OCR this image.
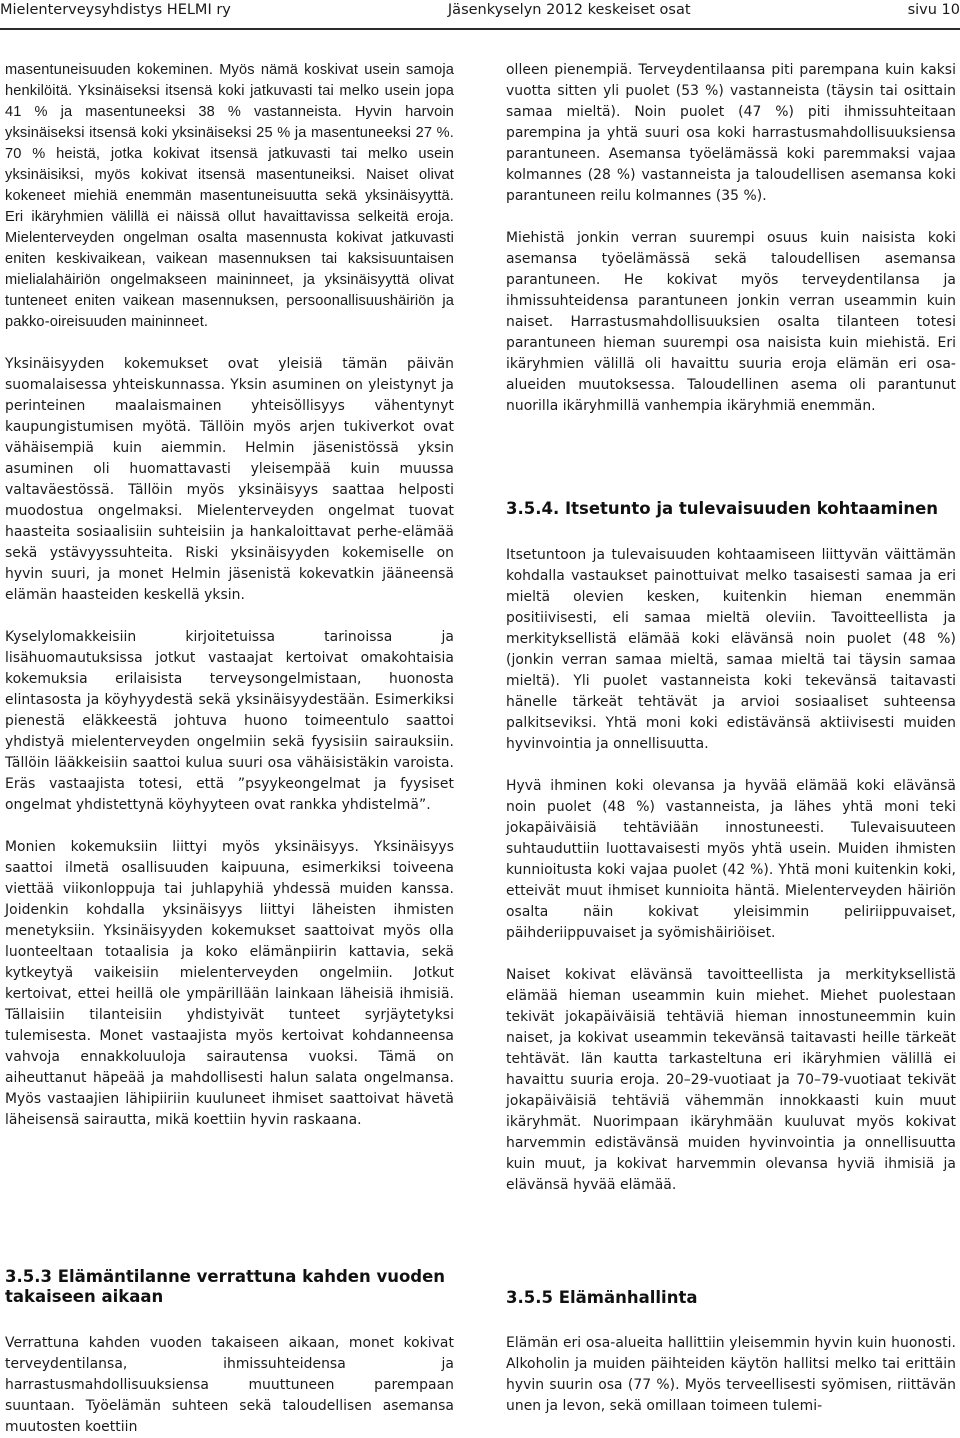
Mielenterveysyhdistys HELMI ry	Jäsenkyselyn 2012 keskeiset osat	sivu 10

masentuneisuuden kokeminen. Myös nämä koskivat usein samoja henkilöitä. Yksinäiseksi itsensä koki jatkuvasti tai melko usein jopa 41 % ja masentuneeksi 38 % vastanneista. Hyvin harvoin yksinäiseksi itsensä koki yksinäiseksi 25 % ja masentuneeksi 27 %. 70 % heistä, jotka kokivat itsensä jatkuvasti tai melko usein yksinäisiksi, myös kokivat itsensä masentuneiksi. Naiset olivat kokeneet miehiä enemmän masentuneisuutta sekä yksinäisyyttä. Eri ikäryhmien välillä ei näissä ollut havaittavissa selkeitä eroja. Mielenterveyden ongelman osalta masennusta kokivat jatkuvasti eniten keskivaikean, vaikean masennuksen tai kaksisuuntaisen mielialahäiriön ongelmakseen maininneet, ja yksinäisyyttä olivat tunteneet eniten vaikean masennuksen, persoonallisuushäiriön ja pakko-oireisuuden maininneet.

Yksinäisyyden kokemukset ovat yleisiä tämän päivän suomalaisessa yhteiskunnassa. Yksin asuminen on yleistynyt ja perinteinen maalaismainen yhteisöllisyys vähentynyt kaupungistumisen myötä. Tällöin myös arjen tukiverkot ovat vähäisempiä kuin aiemmin. Helmin jäsenistössä yksin asuminen oli huomattavasti yleisempää kuin muussa valtaväestössä. Tällöin myös yksinäisyys saattaa helposti muodostua ongelmaksi. Mielenterveyden ongelmat tuovat haasteita sosiaalisiin suhteisiin ja hankaloittavat perhe-elämää sekä ystävyyssuhteita. Riski yksinäisyyden kokemiselle on hyvin suuri, ja monet Helmin jäsenistä kokevatkin jääneensä elämän haasteiden keskellä yksin.

Kyselylomakkeisiin kirjoitetuissa tarinoissa ja lisähuomautuksissa jotkut vastaajat kertoivat omakohtaisia kokemuksia erilaisista terveysongelmistaan, huonosta elintasosta ja köyhyydestä sekä yksinäisyydestään. Esimerkiksi pienestä eläkkeestä johtuva huono toimeentulo saattoi yhdistyä mielenterveyden ongelmiin sekä fyysisiin sairauksiin. Tällöin lääkkeisiin saattoi kulua suuri osa vähäisistäkin varoista. Eräs vastaajista totesi, että ”psyykeongelmat ja fyysiset ongelmat yhdistettynä köyhyyteen ovat rankka yhdistelmä”.

Monien kokemuksiin liittyi myös yksinäisyys. Yksinäisyys saattoi ilmetä osallisuuden kaipuuna, esimerkiksi toiveena viettää viikonloppuja tai juhlapyhiä yhdessä muiden kanssa. Joidenkin kohdalla yksinäisyys liittyi läheisten ihmisten menetyksiin. Yksinäisyyden kokemukset saattoivat myös olla luonteeltaan totaalisia ja koko elämänpiirin kattavia, sekä kytkeytyä vaikeisiin mielenterveyden ongelmiin. Jotkut kertoivat, ettei heillä ole ympärillään lainkaan läheisiä ihmisiä. Tällaisiin tilanteisiin yhdistyivät tunteet syrjäytetyksi tulemisesta. Monet vastaajista myös kertoivat kohdanneensa vahvoja ennakkoluuloja sairautensa vuoksi. Tämä on aiheuttanut häpeää ja mahdollisesti halun salata ongelmansa. Myös vastaajien lähipiiriin kuuluneet ihmiset saattoivat hävetä läheisensä sairautta, mikä koettiin hyvin raskaana.

3.5.3 Elämäntilanne verrattuna kahden vuoden takaiseen aikaan

Verrattuna kahden vuoden takaiseen aikaan, monet kokivat terveydentilansa, ihmissuhteidensa ja harrastusmahdollisuuksiensa muuttuneen parempaan suuntaan. Työelämän suhteen sekä taloudellisen asemansa muutosten koettiin

olleen pienempiä. Terveydentilaansa piti parempana kuin kaksi vuotta sitten yli puolet (53 %) vastanneista (täysin tai osittain samaa mieltä). Noin puolet (47 %) piti ihmissuhteitaan parempina ja yhtä suuri osa koki harrastusmahdollisuuksiensa parantuneen. Asemansa työelämässä koki paremmaksi vajaa kolmannes (28 %) vastanneista ja taloudellisen asemansa koki parantuneen reilu kolmannes (35 %).

Miehistä jonkin verran suurempi osuus kuin naisista koki asemansa työelämässä sekä taloudellisen asemansa parantuneen. He kokivat myös terveydentilansa ja ihmissuhteidensa parantuneen jonkin verran useammin kuin naiset. Harrastusmahdollisuuksien osalta tilanteen totesi parantuneen hieman suurempi osa naisista kuin miehistä. Eri ikäryhmien välillä oli havaittu suuria eroja elämän eri osa-alueiden muutoksessa. Taloudellinen asema oli parantunut nuorilla ikäryhmillä vanhempia ikäryhmiä enemmän.

3.5.4. Itsetunto ja tulevaisuuden kohtaaminen

Itsetuntoon ja tulevaisuuden kohtaamiseen liittyvän väittämän kohdalla vastaukset painottuivat melko tasaisesti samaa ja eri mieltä olevien kesken, kuitenkin hieman enemmän positiivisesti, eli samaa mieltä oleviin. Tavoitteellista ja merkityksellistä elämää koki elävänsä noin puolet (48 %) (jonkin verran samaa mieltä, samaa mieltä tai täysin samaa mieltä). Yli puolet vastanneista koki tekevänsä taitavasti hänelle tärkeät tehtävät ja arvioi sosiaaliset suhteensa palkitseviksi. Yhtä moni koki edistävänsä aktiivisesti muiden hyvinvointia ja onnellisuutta.

Hyvä ihminen koki olevansa ja hyvää elämää koki elävänsä noin puolet (48 %) vastanneista, ja lähes yhtä moni teki jokapäiväisiä tehtäviään innostuneesti. Tulevaisuuteen suhtauduttiin luottavaisesti myös yhtä usein. Muiden ihmisten kunnioitusta koki vajaa puolet (42 %). Yhtä moni kuitenkin koki, etteivät muut ihmiset kunnioita häntä. Mielenterveyden häiriön osalta näin kokivat yleisimmin peliriippuvaiset, päihderiippuvaiset ja syömishäiriöiset.

Naiset kokivat elävänsä tavoitteellista ja merkityksellistä elämää hieman useammin kuin miehet. Miehet puolestaan tekivät jokapäiväisiä tehtäviä hieman innostuneemmin kuin naiset, ja kokivat useammin tekevänsä taitavasti heille tärkeät tehtävät. Iän kautta tarkasteltuna eri ikäryhmien välillä ei havaittu suuria eroja. 20–29-vuotiaat ja 70–79-vuotiaat tekivät jokapäiväisiä tehtäviä vähemmän innokkaasti kuin muut ikäryhmät. Nuorimpaan ikäryhmään kuuluvat myös kokivat harvemmin edistävänsä muiden hyvinvointia ja onnellisuutta kuin muut, ja kokivat harvemmin olevansa hyviä ihmisiä ja elävänsä hyvää elämää.

3.5.5 Elämänhallinta

Elämän eri osa-alueita hallittiin yleisemmin hyvin kuin huonosti. Alkoholin ja muiden päihteiden käytön hallitsi melko tai erittäin hyvin suurin osa (77 %). Myös terveellisesti syömisen, riittävän unen ja levon, sekä omillaan toimeen tulemi-
